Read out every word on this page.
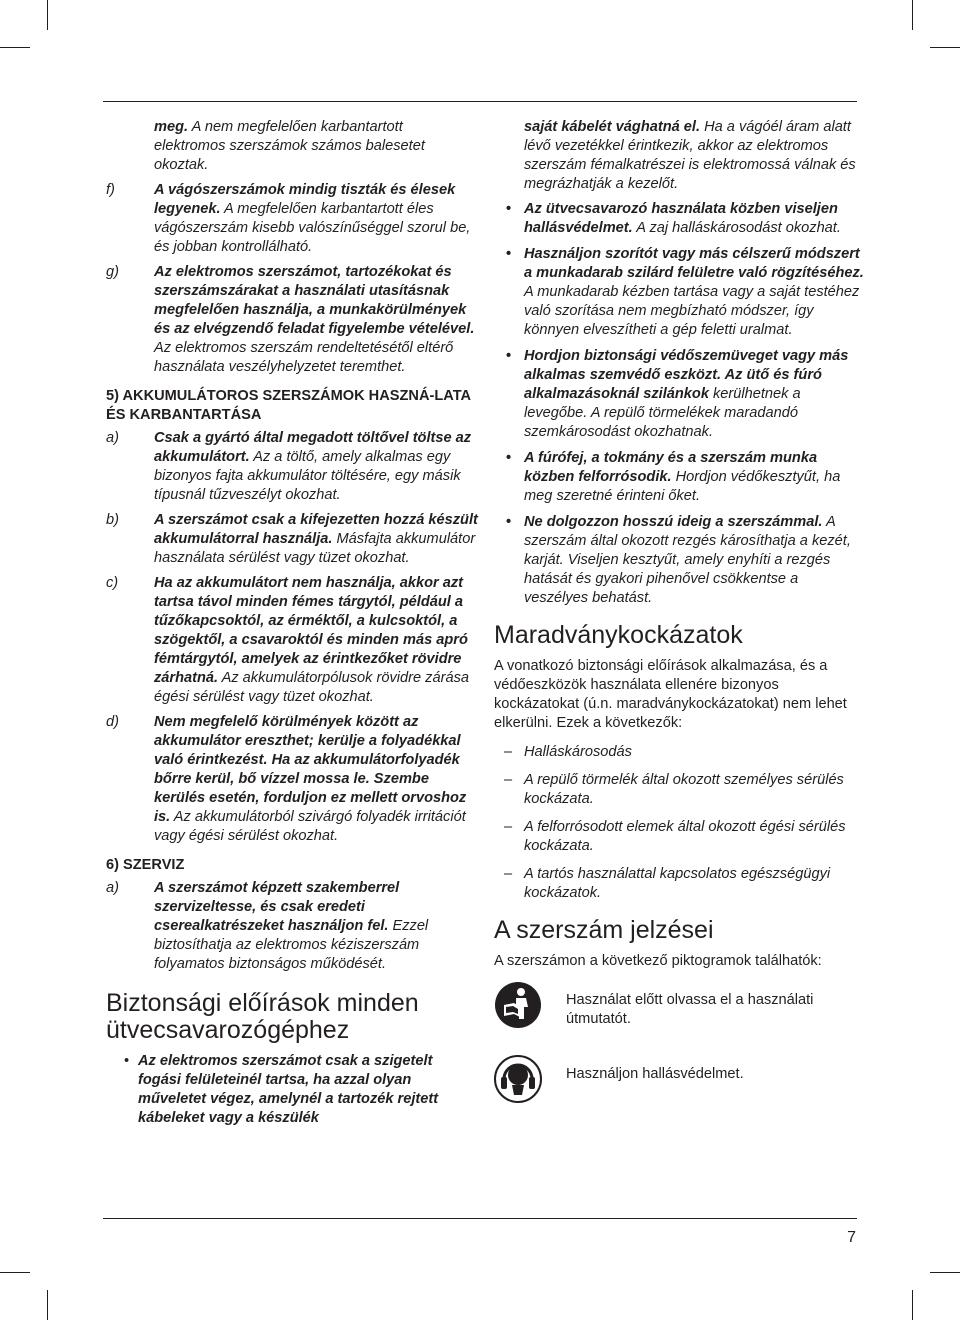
meg. A nem megfelelően karbantartott elektromos szerszámok számos balesetet okoztak.
f)	A vágószerszámok mindig tiszták és élesek legyenek. A megfelelően karbantartott éles vágószerszám kisebb valószínűséggel szorul be, és jobban kontrollálható.
g)	Az elektromos szerszámot, tartozékokat és szerszámszárakat a használati utasításnak megfelelően használja, a munkakörülmények és az elvégzendő feladat figyelembe vételével. Az elektromos szerszám rendeltetésétől eltérő használata veszélyhelyzetet teremthet.
5) AKKUMULÁTOROS SZERSZÁMOK HASZNÁ-LATA ÉS KARBANTARTÁSA
a)	Csak a gyártó által megadott töltővel töltse az akkumulátort. Az a töltő, amely alkalmas egy bizonyos fajta akkumulátor töltésére, egy másik típusnál tűzveszélyt okozhat.
b)	A szerszámot csak a kifejezetten hozzá készült akkumulátorral használja. Másfajta akkumulátor használata sérülést vagy tüzet okozhat.
c)	Ha az akkumulátort nem használja, akkor azt tartsa távol minden fémes tárgytól, például a tűzőkapcsoktól, az érméktől, a kulcsoktól, a szögektől, a csavaroktól és minden más apró fémtárgytól, amelyek az érintkezőket rövidre zárhatná. Az akkumulátorpólusok rövidre zárása égési sérülést vagy tüzet okozhat.
d)	Nem megfelelő körülmények között az akkumulátor ereszthet; kerülje a folyadékkal való érintkezést. Ha az akkumulátorfolyadék bőrre kerül, bő vízzel mossa le. Szembe kerülés esetén, forduljon ez mellett orvoshoz is. Az akkumulátorból szivárgó folyadék irritációt vagy égési sérülést okozhat.
6) SZERVIZ
a)	A szerszámot képzett szakemberrel szervizeltesse, és csak eredeti cserealkatrészeket használjon fel. Ezzel biztosíthatja az elektromos kéziszerszám folyamatos biztonságos működését.
Biztonsági előírások minden ütvecsavarozógéphez
• Az elektromos szerszámot csak a szigetelt fogási felületeinél tartsa, ha azzal olyan műveletet végez, amelynél a tartozék rejtett kábeleket vagy a készülék
saját kábelét vághatná el. Ha a vágóél áram alatt lévő vezetékkel érintkezik, akkor az elektromos szerszám fémalkatrészei is elektromossá válnak és megrázhatják a kezelőt.
• Az ütvecsavarozó használata közben viseljen hallásvédelmet. A zaj halláskárosodást okozhat.
• Használjon szorítót vagy más célszerű módszert a munkadarab szilárd felületre való rögzítéséhez. A munkadarab kézben tartása vagy a saját testéhez való szorítása nem megbízható módszer, így könnyen elveszítheti a gép feletti uralmat.
• Hordjon biztonsági védőszemüveget vagy más alkalmas szemvédő eszközt. Az ütő és fúró alkalmazásoknál szilánkok kerülhetnek a levegőbe. A repülő törmelékek maradandó szemkárosodást okozhatnak.
• A fúrófej, a tokmány és a szerszám munka közben felforrósodik. Hordjon védőkesztyűt, ha meg szeretné érinteni őket.
• Ne dolgozzon hosszú ideig a szerszámmal. A szerszám által okozott rezgés károsíthatja a kezét, karját. Viseljen kesztyűt, amely enyhíti a rezgés hatását és gyakori pihenővel csökkentse a veszélyes behatást.
Maradványkockázatok
A vonatkozó biztonsági előírások alkalmazása, és a védőeszközök használata ellenére bizonyos kockázatokat (ú.n. maradványkockázatokat) nem lehet elkerülni. Ezek a következők:
– Halláskárosodás
– A repülő törmelék által okozott személyes sérülés kockázata.
– A felforrósodott elemek által okozott égési sérülés kockázata.
– A tartós használattal kapcsolatos egészségügyi kockázatok.
A szerszám jelzései
A szerszámon a következő piktogramok találhatók:
Használat előtt olvassa el a használati útmutatót.
Használjon hallásvédelmet.
7
